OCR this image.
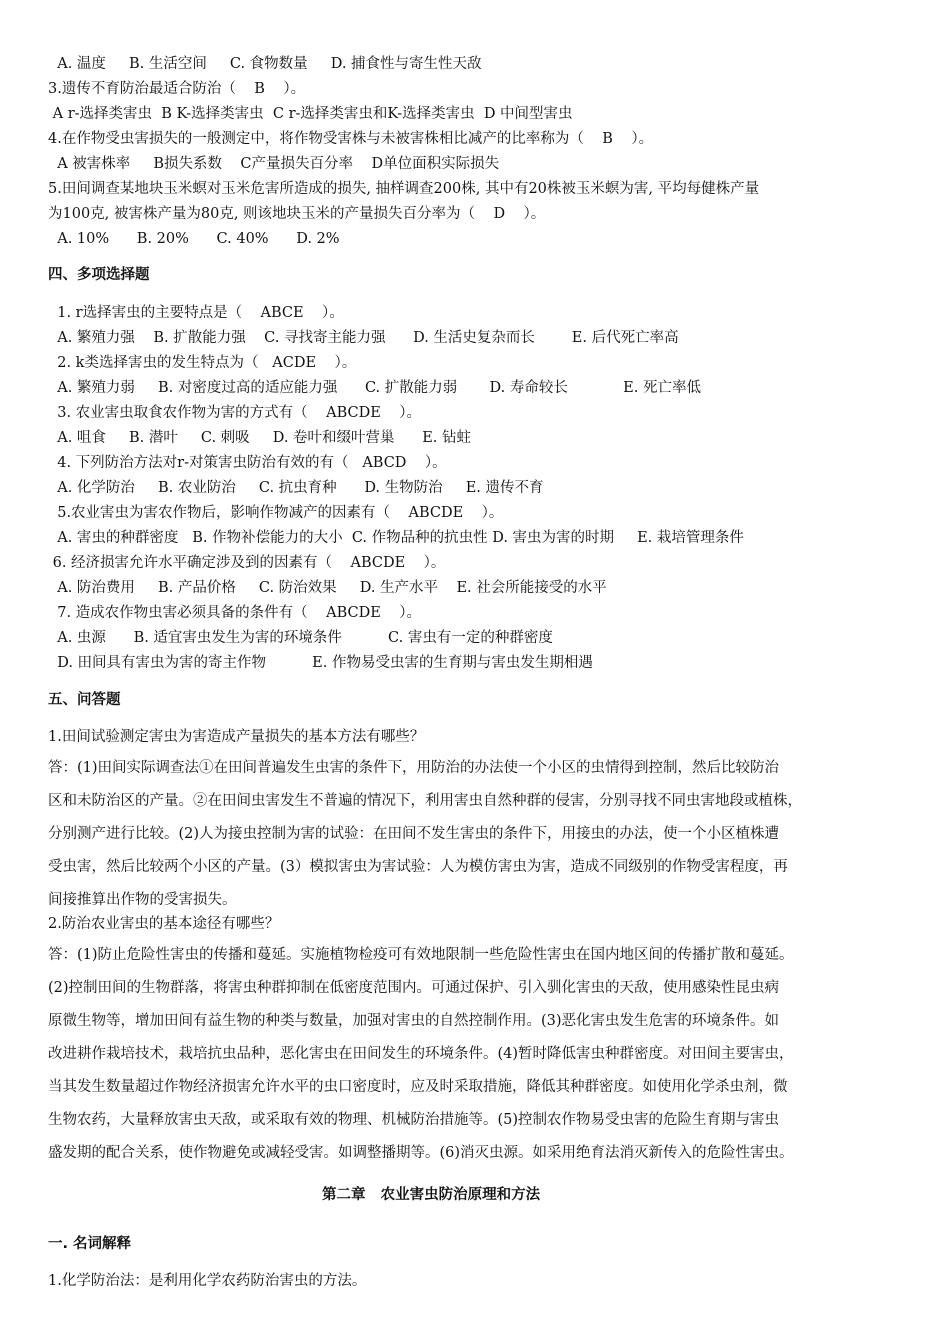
A. 温度     B. 生活空间     C. 食物数量     D. 捕食性与寄生性天敌

3.遗传不育防治最适合防治（    B    ）。

A r-选择类害虫  B K-选择类害虫  C r-选择类害虫和K-选择类害虫  D 中间型害虫

4.在作物受虫害损失的一般测定中，将作物受害株与未被害株相比减产的比率称为（    B    ）。

A 被害株率     B损失系数    C产量损失百分率    D单位面积实际损失

5.田间调查某地块玉米螟对玉米危害所造成的损失, 抽样调查200株, 其中有20株被玉米螟为害, 平均每健株产量

为100克, 被害株产量为80克, 则该地块玉米的产量损失百分率为（    D    ）。

A. 10%      B. 20%      C. 40%      D. 2%

四、多项选择题

1. r选择害虫的主要特点是（    ABCE    ）。

A. 繁殖力强    B. 扩散能力强    C. 寻找寄主能力强      D. 生活史复杂而长        E. 后代死亡率高

2. k类选择害虫的发生特点为（   ACDE    ）。

A. 繁殖力弱     B. 对密度过高的适应能力强      C. 扩散能力弱       D. 寿命较长            E. 死亡率低

3. 农业害虫取食农作物为害的方式有（    ABCDE    ）。

A. 咀食     B. 潜叶     C. 刺吸     D. 卷叶和缀叶营巢      E. 钻蛀

4. 下列防治方法对r-对策害虫防治有效的有（   ABCD    ）。

A. 化学防治     B. 农业防治     C. 抗虫育种      D. 生物防治     E. 遗传不育

5.农业害虫为害农作物后，影响作物减产的因素有（    ABCDE    ）。

A. 害虫的种群密度   B. 作物补偿能力的大小  C. 作物品种的抗虫性 D. 害虫为害的时期     E. 栽培管理条件

6. 经济损害允许水平确定涉及到的因素有（    ABCDE    ）。

A. 防治费用     B. 产品价格     C. 防治效果     D. 生产水平    E. 社会所能接受的水平

7. 造成农作物虫害必须具备的条件有（    ABCDE    ）。

A. 虫源      B. 适宜害虫发生为害的环境条件          C. 害虫有一定的种群密度

D. 田间具有害虫为害的寄主作物          E. 作物易受虫害的生育期与害虫发生期相遇

五、问答题

1.田间试验测定害虫为害造成产量损失的基本方法有哪些？

答：(1)田间实际调查法①在田间普遍发生虫害的条件下，用防治的办法使一个小区的虫情得到控制，然后比较防治

区和未防治区的产量。②在田间虫害发生不普遍的情况下，利用害虫自然种群的侵害，分别寻找不同虫害地段或植株，

分别测产进行比较。(2)人为接虫控制为害的试验：在田间不发生害虫的条件下，用接虫的办法，使一个小区植株遭

受虫害，然后比较两个小区的产量。(3）模拟害虫为害试验：人为模仿害虫为害，造成不同级别的作物受害程度，再

间接推算出作物的受害损失。

2.防治农业害虫的基本途径有哪些？

答：(1)防止危险性害虫的传播和蔓延。实施植物检疫可有效地限制一些危险性害虫在国内地区间的传播扩散和蔓延。

(2)控制田间的生物群落，将害虫种群抑制在低密度范围内。可通过保护、引入驯化害虫的天敌，使用感染性昆虫病

原微生物等，增加田间有益生物的种类与数量，加强对害虫的自然控制作用。(3)恶化害虫发生危害的环境条件。如

改进耕作栽培技术，栽培抗虫品种，恶化害虫在田间发生的环境条件。(4)暂时降低害虫种群密度。对田间主要害虫，

当其发生数量超过作物经济损害允许水平的虫口密度时，应及时采取措施，降低其种群密度。如使用化学杀虫剂，微

生物农药，大量释放害虫天敌，或采取有效的物理、机械防治措施等。(5)控制农作物易受虫害的危险生育期与害虫

盛发期的配合关系，使作物避免或减轻受害。如调整播期等。(6)消灭虫源。如采用绝育法消灭新传入的危险性害虫。

第二章   农业害虫防治原理和方法

一. 名词解释

1.化学防治法：是利用化学农药防治害虫的方法。
